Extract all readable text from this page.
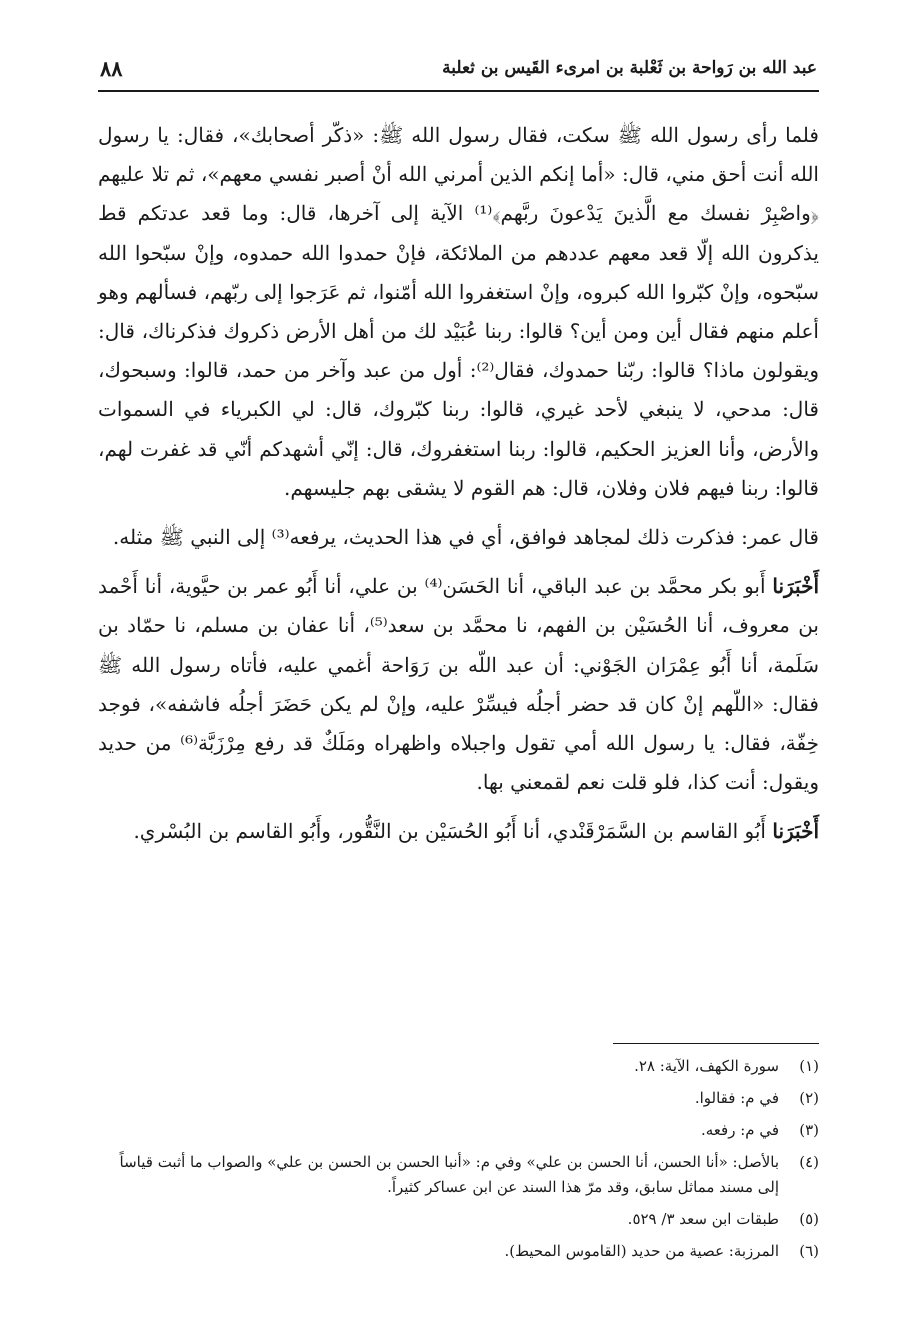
٨٨	عبد الله بن رَواحة بن ثَعْلبة بن امرىء القَيس بن ثعلبة

فلما رأى رسول الله ﷺ سكت، فقال رسول الله ﷺ: «ذكّر أصحابك»، فقال: يا رسول الله أنت أحق مني، قال: «أما إنكم الذين أمرني الله أنْ أصبر نفسي معهم»، ثم تلا عليهم ﴿واصْبِرْ نفسك مع الَّذينَ يَدْعونَ ربَّهم﴾⁽¹⁾ الآية إلى آخرها، قال: وما قعد عدتكم قط يذكرون الله إلّا قعد معهم عددهم من الملائكة، فإنْ حمدوا الله حمدوه، وإنْ سبّحوا الله سبّحوه، وإنْ كبّروا الله كبروه، وإنْ استغفروا الله أمّنوا، ثم عَرَجوا إلى ربّهم، فسألهم وهو أعلم منهم فقال أين ومن أين؟ قالوا: ربنا عُبَيْد لك من أهل الأرض ذكروك فذكرناك، قال: ويقولون ماذا؟ قالوا: ربّنا حمدوك، فقال⁽²⁾: أول من عبد وآخر من حمد، قالوا: وسبحوك، قال: مدحي، لا ينبغي لأحد غيري، قالوا: ربنا كبّروك، قال: لي الكبرياء في السموات والأرض، وأنا العزيز الحكيم، قالوا: ربنا استغفروك، قال: إنّي أشهدكم أنّي قد غفرت لهم، قالوا: ربنا فيهم فلان وفلان، قال: هم القوم لا يشقى بهم جليسهم.

قال عمر: فذكرت ذلك لمجاهد فوافق، أي في هذا الحديث، يرفعه⁽³⁾ إلى النبي ﷺ مثله.

أَخْبَرَنا أَبو بكر محمَّد بن عبد الباقي، أنا الحَسَن⁽⁴⁾ بن علي، أنا أَبُو عمر بن حيَّوية، أنا أَحْمد بن معروف، أنا الحُسَيْن بن الفهم، نا محمَّد بن سعد⁽⁵⁾، أنا عفان بن مسلم، نا حمّاد بن سَلَمة، أنا أَبُو عِمْرَان الجَوْني: أن عبد اللّه بن رَوَاحة أغمي عليه، فأتاه رسول الله ﷺ فقال: «اللّهم إنْ كان قد حضر أجلُه فيسِّرْ عليه، وإنْ لم يكن حَضَرَ أجلُه فاشفه»، فوجد خِفّة، فقال: يا رسول الله أمي تقول واجبلاه واظهراه ومَلَكٌ قد رفع مِرْزَبَّة⁽⁶⁾ من حديد ويقول: أنت كذا، فلو قلت نعم لقمعني بها.

أَخْبَرَنا أَبُو القاسم بن السَّمَرْقَنْدي، أنا أَبُو الحُسَيْن بن النَّقُّور، وأَبُو القاسم بن البُسْري.

(١)
سورة الكهف، الآية: ٢٨.
(٢)
في م: فقالوا.
(٣)
في م: رفعه.
(٤)
بالأصل: «أنا الحسن، أنا الحسن بن علي» وفي م: «أنبا الحسن بن الحسن بن علي» والصواب ما أثبت قياساً إلى مسند مماثل سابق، وقد مرّ هذا السند عن ابن عساكر كثيراً.
(٥)
طبقات ابن سعد ٣/ ٥٢٩.
(٦)
المرزبة: عصية من حديد (القاموس المحيط).
